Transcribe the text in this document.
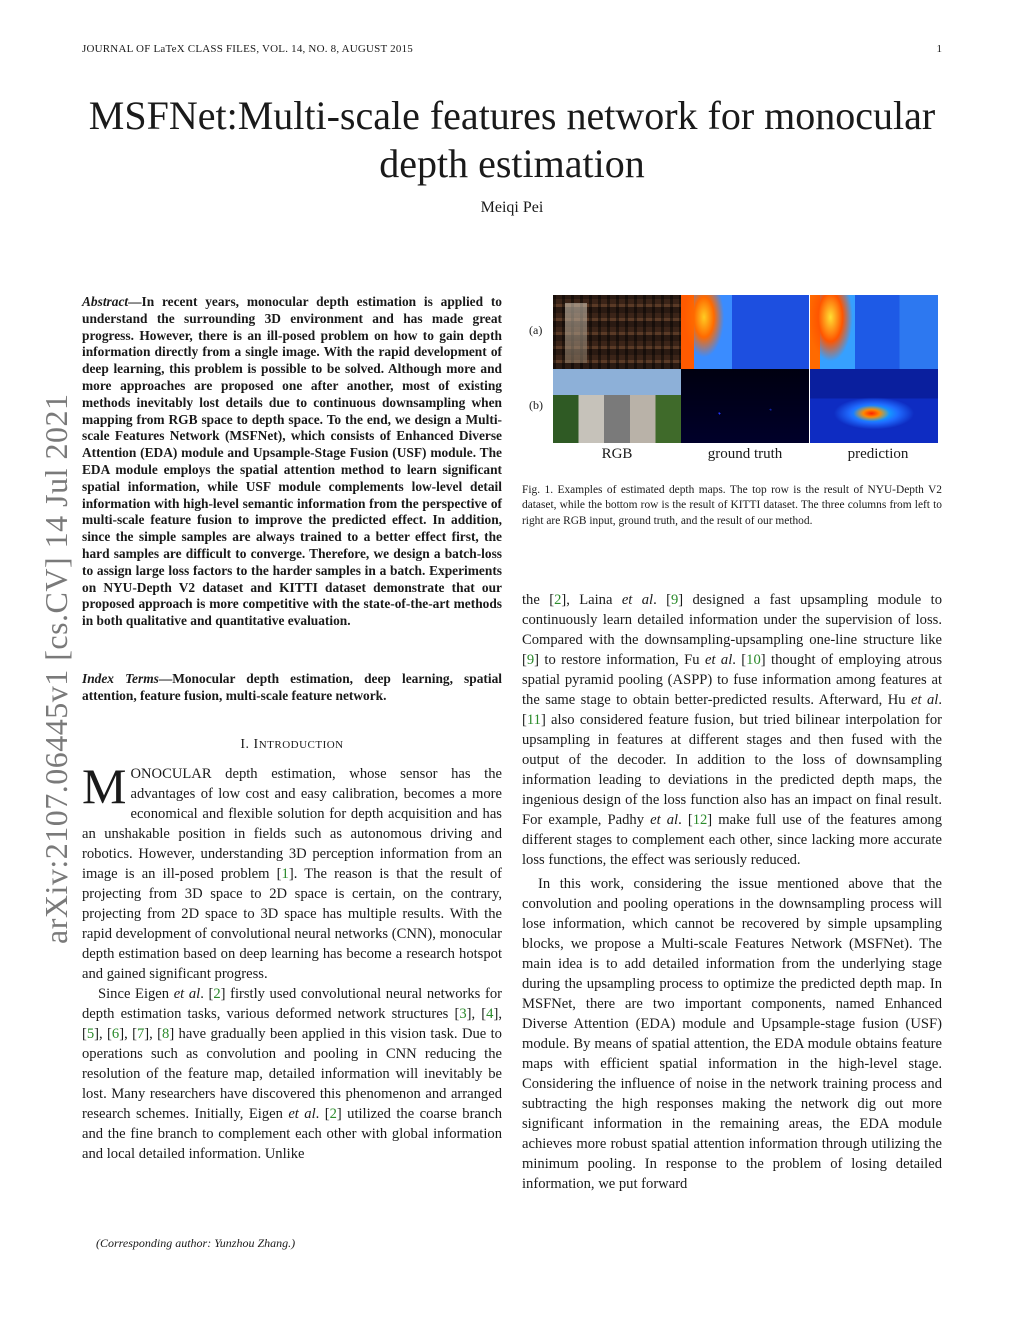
JOURNAL OF LaTeX CLASS FILES, VOL. 14, NO. 8, AUGUST 2015	1
MSFNet:Multi-scale features network for monocular depth estimation
Meiqi Pei
arXiv:2107.06445v1 [cs.CV] 14 Jul 2021
Abstract—In recent years, monocular depth estimation is applied to understand the surrounding 3D environment and has made great progress. However, there is an ill-posed problem on how to gain depth information directly from a single image. With the rapid development of deep learning, this problem is possible to be solved. Although more and more approaches are proposed one after another, most of existing methods inevitably lost details due to continuous downsampling when mapping from RGB space to depth space. To the end, we design a Multi-scale Features Network (MSFNet), which consists of Enhanced Diverse Attention (EDA) module and Upsample-Stage Fusion (USF) module. The EDA module employs the spatial attention method to learn significant spatial information, while USF module complements low-level detail information with high-level semantic information from the perspective of multi-scale feature fusion to improve the predicted effect. In addition, since the simple samples are always trained to a better effect first, the hard samples are difficult to converge. Therefore, we design a batch-loss to assign large loss factors to the harder samples in a batch. Experiments on NYU-Depth V2 dataset and KITTI dataset demonstrate that our proposed approach is more competitive with the state-of-the-art methods in both qualitative and quantitative evaluation.
Index Terms—Monocular depth estimation, deep learning, spatial attention, feature fusion, multi-scale feature network.
I. INTRODUCTION

MONOCULAR depth estimation, whose sensor has the advantages of low cost and easy calibration, becomes a more economical and flexible solution for depth acquisition and has an unshakable position in fields such as autonomous driving and robotics. However, understanding 3D perception information from an image is an ill-posed problem [1]. The reason is that the result of projecting from 3D space to 2D space is certain, on the contrary, projecting from 2D space to 3D space has multiple results. With the rapid development of convolutional neural networks (CNN), monocular depth estimation based on deep learning has become a research hotspot and gained significant progress.

Since Eigen et al. [2] firstly used convolutional neural networks for depth estimation tasks, various deformed network structures [3], [4], [5], [6], [7], [8] have gradually been applied in this vision task. Due to operations such as convolution and pooling in CNN reducing the resolution of the feature map, detailed information will inevitably be lost. Many researchers have discovered this phenomenon and arranged research schemes. Initially, Eigen et al. [2] utilized the coarse branch and the fine branch to complement each other with global information and local detailed information. Unlike

(Corresponding author: Yunzhou Zhang.)
(a)
(b)
RGB	ground truth	prediction
Fig. 1. Examples of estimated depth maps. The top row is the result of NYU-Depth V2 dataset, while the bottom row is the result of KITTI dataset. The three columns from left to right are RGB input, ground truth, and the result of our method.

the [2], Laina et al. [9] designed a fast upsampling module to continuously learn detailed information under the supervision of loss. Compared with the downsampling-upsampling one-line structure like [9] to restore information, Fu et al. [10] thought of employing atrous spatial pyramid pooling (ASPP) to fuse information among features at the same stage to obtain better-predicted results. Afterward, Hu et al. [11] also considered feature fusion, but tried bilinear interpolation for upsampling in features at different stages and then fused with the output of the decoder. In addition to the loss of downsampling information leading to deviations in the predicted depth maps, the ingenious design of the loss function also has an impact on final result. For example, Padhy et al. [12] make full use of the features among different stages to complement each other, since lacking more accurate loss functions, the effect was seriously reduced.

In this work, considering the issue mentioned above that the convolution and pooling operations in the downsampling process will lose information, which cannot be recovered by simple upsampling blocks, we propose a Multi-scale Features Network (MSFNet). The main idea is to add detailed information from the underlying stage during the upsampling process to optimize the predicted depth map. In MSFNet, there are two important components, named Enhanced Diverse Attention (EDA) module and Upsample-stage fusion (USF) module. By means of spatial attention, the EDA module obtains feature maps with efficient spatial information in the high-level stage. Considering the influence of noise in the network training process and subtracting the high responses making the network dig out more significant information in the remaining areas, the EDA module achieves more robust spatial attention information through utilizing the minimum pooling. In response to the problem of losing detailed information, we put forward
